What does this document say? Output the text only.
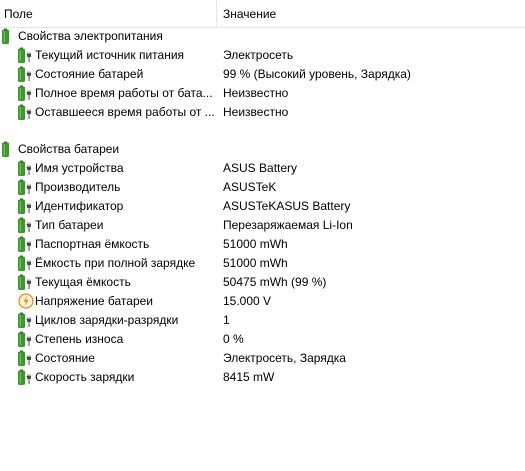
Поле	Значение
Свойства электропитания
Текущий источник питания	Электросеть
Состояние батарей	99 % (Высокий уровень, Зарядка)
Полное время работы от бата... Неизвестно
Оставшееся время работы от ... Неизвестно
Свойства батареи
Имя устройства	ASUS Battery
Производитель	ASUSTeK
Идентификатор	ASUSTeKASUS Battery
Тип батареи	Перезаряжаемая Li-Ion
Паспортная ёмкость	51000 mWh
Ёмкость при полной зарядке 51000 mWh
Текущая ёмкость	50475 mWh (99 %)
Напряжение батареи	15.000 V
Циклов зарядки-разрядки	1
Степень износа	0 %
Состояние	Электросеть, Зарядка
Скорость зарядки	8415 mW
